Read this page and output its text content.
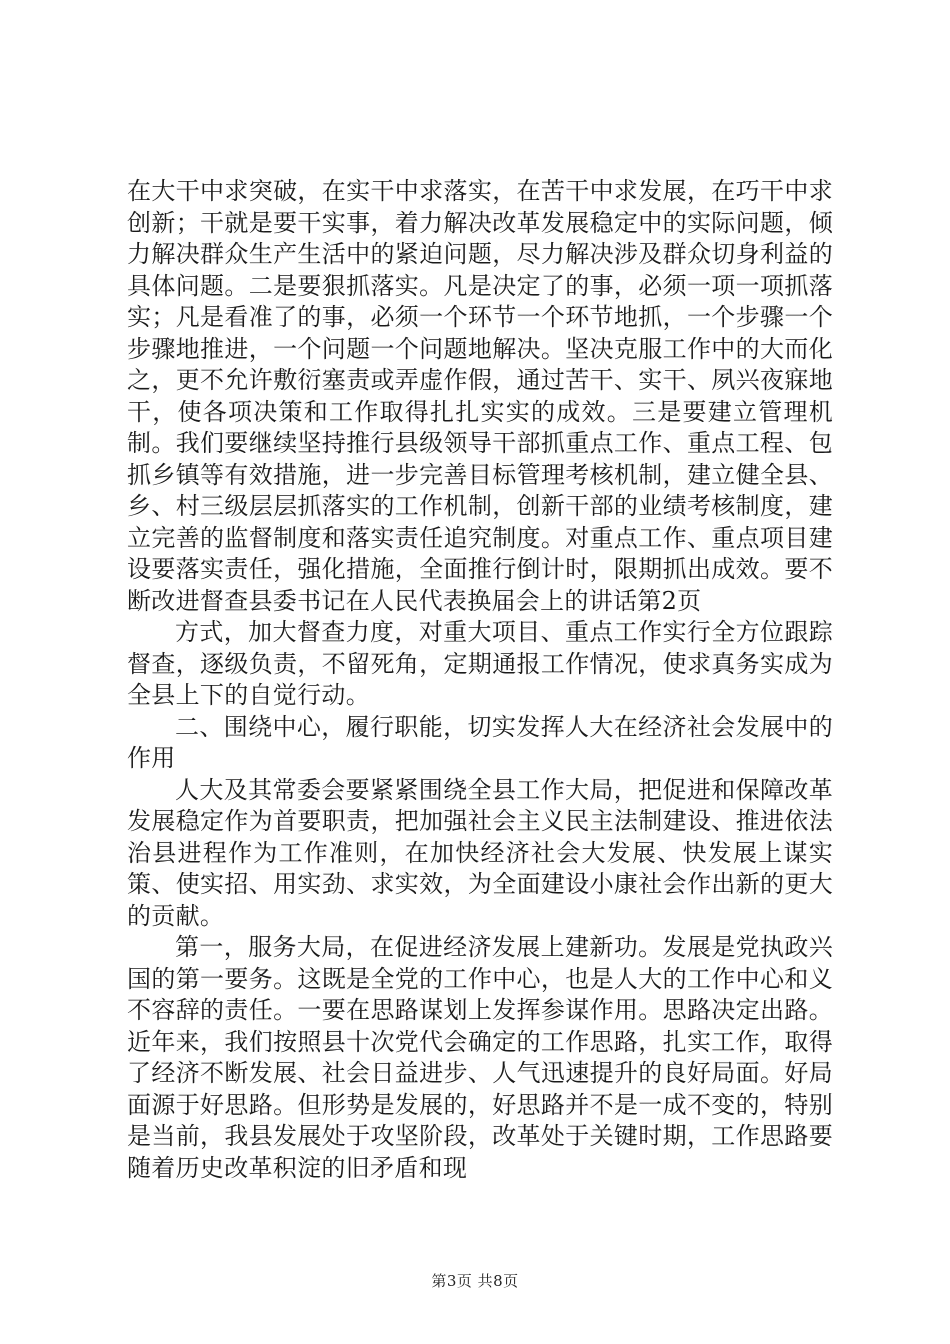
在大干中求突破，在实干中求落实，在苦干中求发展，在巧干中求创新；干就是要干实事，着力解决改革发展稳定中的实际问题，倾力解决群众生产生活中的紧迫问题，尽力解决涉及群众切身利益的具体问题。二是要狠抓落实。凡是决定了的事，必须一项一项抓落实；凡是看准了的事，必须一个环节一个环节地抓，一个步骤一个步骤地推进，一个问题一个问题地解决。坚决克服工作中的大而化之，更不允许敷衍塞责或弄虚作假，通过苦干、实干、夙兴夜寐地干，使各项决策和工作取得扎扎实实的成效。三是要建立管理机制。我们要继续坚持推行县级领导干部抓重点工作、重点工程、包抓乡镇等有效措施，进一步完善目标管理考核机制，建立健全县、乡、村三级层层抓落实的工作机制，创新干部的业绩考核制度，建立完善的监督制度和落实责任追究制度。对重点工作、重点项目建设要落实责任，强化措施，全面推行倒计时，限期抓出成效。要不断改进督查县委书记在人民代表换届会上的讲话第2页

方式，加大督查力度，对重大项目、重点工作实行全方位跟踪督查，逐级负责，不留死角，定期通报工作情况，使求真务实成为全县上下的自觉行动。

二、围绕中心，履行职能，切实发挥人大在经济社会发展中的作用

人大及其常委会要紧紧围绕全县工作大局，把促进和保障改革发展稳定作为首要职责，把加强社会主义民主法制建设、推进依法治县进程作为工作准则，在加快经济社会大发展、快发展上谋实策、使实招、用实劲、求实效，为全面建设小康社会作出新的更大的贡献。

第一，服务大局，在促进经济发展上建新功。发展是党执政兴国的第一要务。这既是全党的工作中心，也是人大的工作中心和义不容辞的责任。一要在思路谋划上发挥参谋作用。思路决定出路。近年来，我们按照县十次党代会确定的工作思路，扎实工作，取得了经济不断发展、社会日益进步、人气迅速提升的良好局面。好局面源于好思路。但形势是发展的，好思路并不是一成不变的，特别是当前，我县发展处于攻坚阶段，改革处于关键时期，工作思路要随着历史改革积淀的旧矛盾和现

第3页 共8页
